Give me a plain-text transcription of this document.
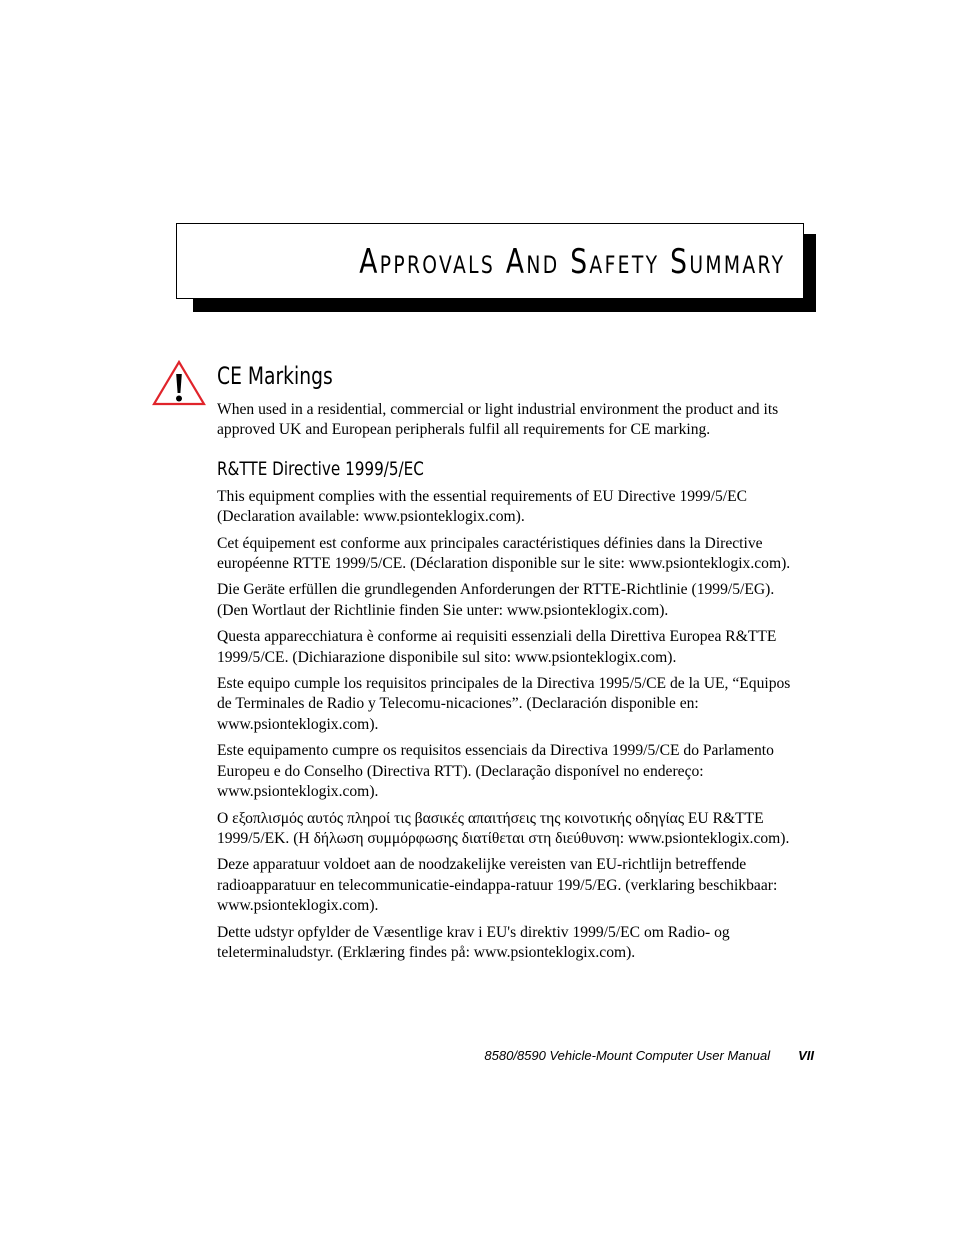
Approvals And Safety Summary
CE Markings

When used in a residential, commercial or light industrial environment the product and its approved UK and European peripherals fulfil all requirements for CE marking.

R&TTE Directive 1999/5/EC

This equipment complies with the essential requirements of EU Directive 1999/5/EC (Declaration available: www.psionteklogix.com).

Cet équipement est conforme aux principales caractéristiques définies dans la Directive européenne RTTE 1999/5/CE. (Déclaration disponible sur le site: www.psionteklogix.com).

Die Geräte erfüllen die grundlegenden Anforderungen der RTTE-Richtlinie (1999/5/EG). (Den Wortlaut der Richtlinie finden Sie unter: www.psionteklogix.com).

Questa apparecchiatura è conforme ai requisiti essenziali della Direttiva Europea R&TTE 1999/5/CE. (Dichiarazione disponibile sul sito: www.psionteklogix.com).

Este equipo cumple los requisitos principales de la Directiva 1995/5/CE de la UE, “Equipos de Terminales de Radio y Telecomu-nicaciones”. (Declaración disponible en: www.psionteklogix.com).

Este equipamento cumpre os requisitos essenciais da Directiva 1999/5/CE do Parlamento Europeu e do Conselho (Directiva RTT). (Declaração disponível no endereço: www.psionteklogix.com).

Ο εξοπλισμός αυτός πληροί τις βασικές απαιτήσεις της κοινοτικής οδηγίας EU R&TTE 1999/5/EK. (Η δήλωση συμμόρφωσης διατίθεται στη διεύθυνση: www.psionteklogix.com).

Deze apparatuur voldoet aan de noodzakelijke vereisten van EU-richtlijn betreffende radioapparatuur en telecommunicatie-eindappa-ratuur 199/5/EG. (verklaring beschikbaar: www.psionteklogix.com).

Dette udstyr opfylder de Væsentlige krav i EU's direktiv 1999/5/EC om Radio- og teleterminaludstyr. (Erklæring findes på: www.psionteklogix.com).

8580/8590 Vehicle-Mount Computer User Manual VII
